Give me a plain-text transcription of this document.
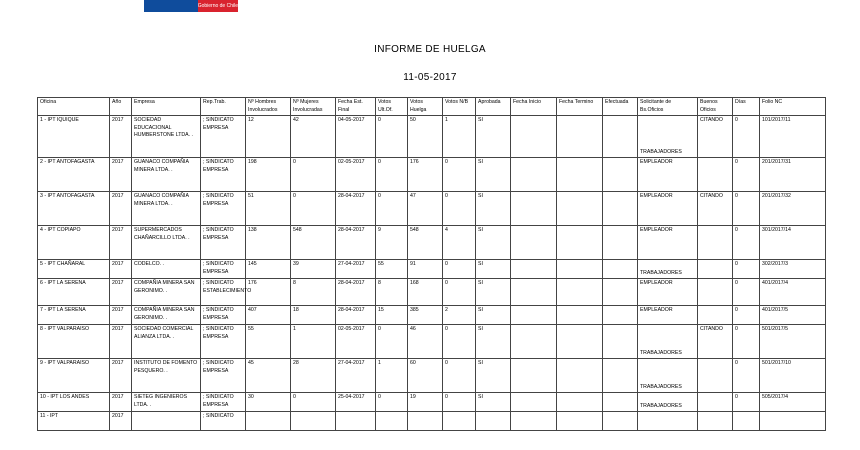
Gobierno de Chile
INFORME DE HUELGA
11-05-2017
Oficina	Año	Empresa	Rep.Trab.	Nº Hombres Involucrados	Nº Mujeres Involucradas	Fecha Est. Final	Votos Ult.Of.	Votos Huelga	Votos N/B	Aprobada	Fecha Inicio	Fecha Termino	Efectuada	Solicitante de Bs.Oficios	Buenos Oficios	Días	Folio NC
1 - IPT IQUIQUE	2017	SOCIEDAD EDUCACIONAL HUMBERSTONE LTDA. .	; SINDICATO EMPRESA	12	42	04-05-2017	0	50	1	SI				TRABAJADORES	CITANDO	0	101/2017/11
2 - IPT ANTOFAGASTA	2017	GUANACO COMPAÑIA MINERA LTDA. .	; SINDICATO EMPRESA	198	0	02-05-2017	0	176	0	SI				EMPLEADOR		0	201/2017/31
3 - IPT ANTOFAGASTA	2017	GUANACO COMPAÑIA MINERA LTDA. .	; SINDICATO EMPRESA	51	0	28-04-2017	0	47	0	SI				EMPLEADOR	CITANDO	0	201/2017/32
4 - IPT COPIAPO	2017	SUPERMERCADOS CHAÑARCILLO LTDA. .	; SINDICATO EMPRESA	138	548	28-04-2017	9	548	4	SI				EMPLEADOR		0	301/2017/14
5 - IPT CHAÑARAL	2017	CODELCO. .	; SINDICATO EMPRESA	145	39	27-04-2017	55	91	0	SI				TRABAJADORES		0	302/2017/3
6 - IPT LA SERENA	2017	COMPAÑIA MINERA SAN GERONIMO. .	; SINDICATO ESTABLECIMIENTO	176	8	28-04-2017	8	168	0	SI				EMPLEADOR		0	401/2017/4
7 - IPT LA SERENA	2017	COMPAÑIA MINERA SAN GERONIMO. .	; SINDICATO EMPRESA	407	18	28-04-2017	15	385	2	SI				EMPLEADOR		0	401/2017/5
8 - IPT VALPARAISO	2017	SOCIEDAD COMERCIAL ALIANZA LTDA. .	; SINDICATO EMPRESA	55	1	02-05-2017	0	46	0	SI				TRABAJADORES	CITANDO	0	501/2017/5
9 - IPT VALPARAISO	2017	INSTITUTO DE FOMENTO PESQUERO. .	; SINDICATO EMPRESA	45	28	27-04-2017	1	60	0	SI				TRABAJADORES		0	501/2017/10
10 - IPT LOS ANDES	2017	SIETEG INGENIEROS LTDA. .	; SINDICATO EMPRESA	30	0	25-04-2017	0	19	0	SI				TRABAJADORES		0	505/2017/4
11 - IPT	2017		; SINDICATO														
